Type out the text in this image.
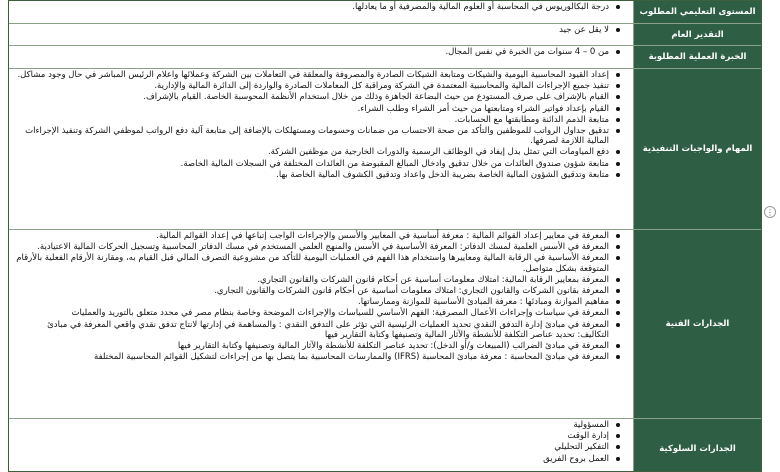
المستوى التعليمي المطلوب
درجة البكالوريوس في المحاسبة أو العلوم المالية والمصرفية أو ما يعادلها.
التقدير العام
لا يقل عن جيد
الخبرة العملية المطلوبة
من 0 – 4 سنوات من الخبرة في نفس المجال.
المهام والواجبات التنفيذية
إعداد القيود المحاسبية اليومية والشيكات ومتابعة الشيكات الصادرة والمصروفة والمعلقة في التعاملات بين الشركة وعملائها واعلام الرئيس المباشر في حال وجود مشاكل.
تنفيذ جميع الإجراءات المالية والمحاسبية المعتمدة في الشركة ومراقبة كل المعاملات الصادرة والواردة إلى الدائرة المالية والإدارية.
القيام بالإشراف على صرف المستودع من حيث البضاعة الجاهزة وذلك من خلال استخدام الأنظمة المحوسبة الخاصة. القيام بالإشراف.
القيام بإعداد فواتير الشراء ومتابعتها من حيث أمر الشراء وطلب الشراء.
متابعة الذمم الدائنة ومطابقتها مع الحسابات.
تدقيق جداول الرواتب للموظفين والتأكد من صحة الاحتساب من ضمانات وحسومات ومستهلكات بالإضافة إلى متابعة آلية دفع الرواتب لموظفي الشركة وتنفيذ الإجراءات المالية اللازمة لصرفها.
دفع المياومات التي تمثل بدل إيفاد في الوظائف الرسمية والدورات الخارجية من موظفين الشركة.
متابعة شؤون صندوق العائدات من خلال تدقيق وادخال المبالغ المقبوضة من العائدات المختلفة في السجلات المالية الخاصة.
متابعة وتدقيق الشؤون المالية الخاصة بضريبة الدخل واعداد وتدقيق الكشوف المالية الخاصة بها.
الجدارات الفنية
المعرفة في معايير إعداد القوائم المالية : معرفة أساسية في المعايير والأسس والإجراءات الواجب إتباعها في إعداد القوائم المالية.
المعرفة في الأسس العلمية لمسك الدفاتر: المعرفة الأساسية في الأسس والمنهج العلمي المستخدم في مسك الدفاتر المحاسبية وتسجيل الحركات المالية الاعتيادية.
المعرفة الأساسية في الرقابة المالية ومعاييرها واستخدام هذا الفهم في العمليات اليومية للتأكد من مشروعية التصرف المالي قبل القيام به، ومقارنة الأرقام الفعلية بالأرقام المتوقعة بشكل متواصل.
المعرفة بمعايير الرقابة المالية: امتلاك معلومات أساسية عن أحكام قانون الشركات والقانون التجاري.
المعرفة بقانون الشركات والقانون التجاري: امتلاك معلومات أساسية عن أحكام قانون الشركات والقانون التجاري.
مفاهيم الموازنة ومبادئها : معرفة المبادئ الأساسية للموازنة وممارساتها.
المعرفة في سياسات وإجراءات الأعمال المصرفية: الفهم الأساسي للسياسات والإجراءات الموضحة وخاصة بنظام مصر في محدد متعلق بالتوريد والعمليات
المعرفة في مبادئ إدارة التدفق النقدي تحديد العمليات الرئيسية التي تؤثر على التدفق النقدي : والمساهمة في إدارتها لانتاج تدفق نقدي واقعي المعرفة في مبادئ التكاليف: تحديد عناصر التكلفة للأنشطة والآثار المالية وتصنيفها وكتابة التقارير فيها
المعرفة في مبادئ الضرائب (المبيعات و/أو الدخل): تحديد عناصر التكلفة للأنشطة والآثار المالية وتصنيفها وكتابة التقارير فيها
المعرفة في مبادئ المحاسبة : معرفة مبادئ المحاسبة (IFRS) والممارسات المحاسبية بما يتصل بها من إجراءات لتشكيل القوائم المحاسبية المختلفة
الجدارات السلوكية
المسؤولية
إدارة الوقت
التفكير التحليلي
العمل بروح الفريق
⋮
